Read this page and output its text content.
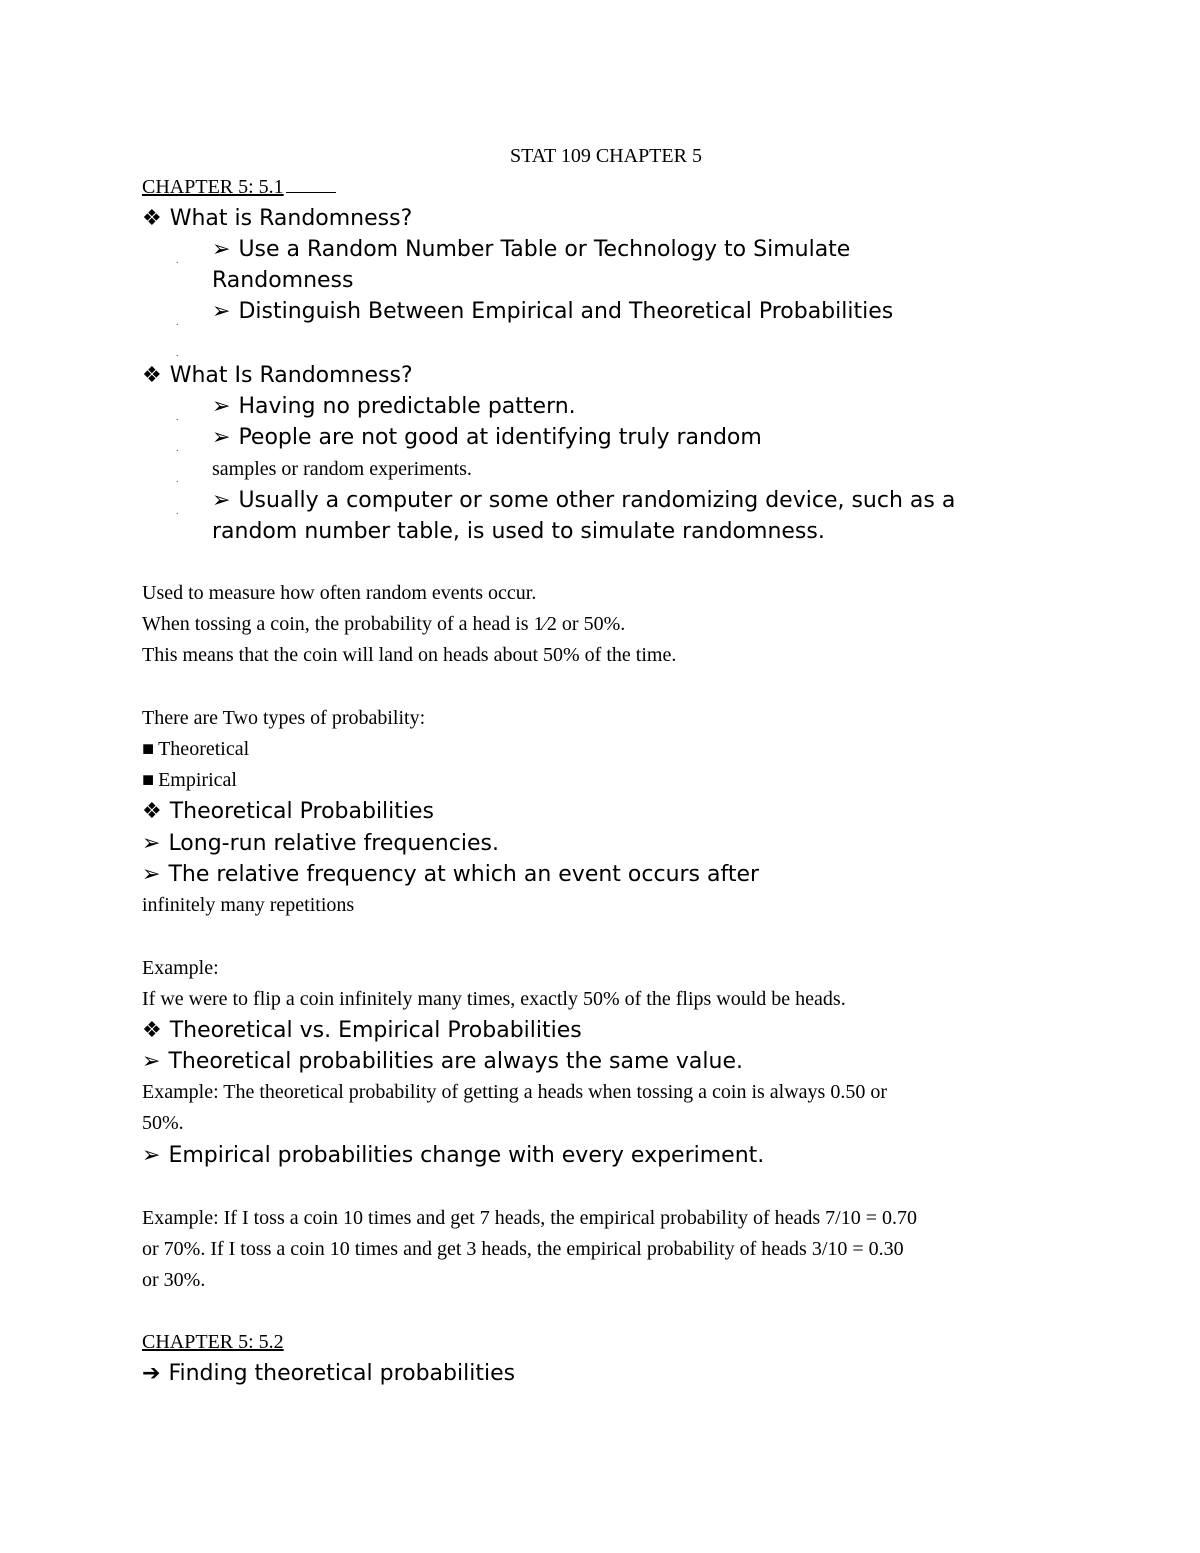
STAT 109 CHAPTER 5
CHAPTER 5: 5.1
❖ What is Randomness?
. ➢ Use a Random Number Table or Technology to Simulate
Randomness
. ➢ Distinguish Between Empirical and Theoretical Probabilities
.
❖ What Is Randomness?
. ➢ Having no predictable pattern.
. ➢ People are not good at identifying truly random
. samples or random experiments.
. ➢ Usually a computer or some other randomizing device, such as a
random number table, is used to simulate randomness.
Used to measure how often random events occur.
When tossing a coin, the probability of a head is 1⁄2 or 50%.
This means that the coin will land on heads about 50% of the time.
There are Two types of probability:
■ Theoretical
■ Empirical
❖ Theoretical Probabilities
➢ Long-run relative frequencies.
➢ The relative frequency at which an event occurs after
infinitely many repetitions
Example:
If we were to flip a coin infinitely many times, exactly 50% of the flips would be heads.
❖ Theoretical vs. Empirical Probabilities
➢ Theoretical probabilities are always the same value.
Example: The theoretical probability of getting a heads when tossing a coin is always 0.50 or
50%.
➢ Empirical probabilities change with every experiment.
Example: If I toss a coin 10 times and get 7 heads, the empirical probability of heads 7/10 = 0.70
or 70%. If I toss a coin 10 times and get 3 heads, the empirical probability of heads 3/10 = 0.30
or 30%.
CHAPTER 5: 5.2
➔ Finding theoretical probabilities
